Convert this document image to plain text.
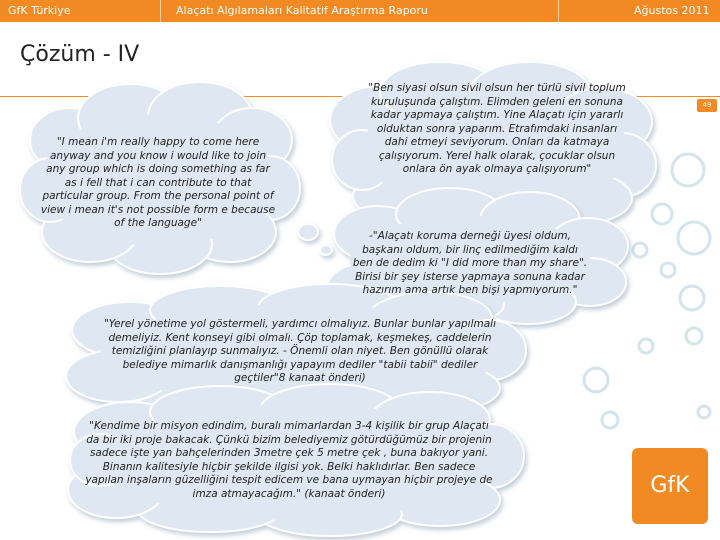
GfK Türkiye	Alaçatı Algılamaları Kalitatif Araştırma Raporu	Ağustos 2011
Çözüm - IV
49
"I mean i'm really happy to come here anyway and you know i would like to join any group which is doing something as far as i fell that i can contribute to that particular group. From the personal point of view i mean it's not possible form e because of the language"
"Ben siyasi olsun sivil olsun her türlü sivil toplum kuruluşunda çalıştım. Elimden geleni en sonuna kadar yapmaya çalıştım. Yine Alaçatı için yararlı olduktan sonra yaparım. Etrafımdaki insanları dahi etmeyi seviyorum. Onları da katmaya çalışıyorum. Yerel halk olarak, çocuklar olsun onlara ön ayak olmaya çalışıyorum"
-"Alaçatı koruma derneği üyesi oldum, başkanı oldum, bir linç edilmediğim kaldı ben de dedim ki "I did more than my share". Birisi bir şey isterse yapmaya sonuna kadar hazırım ama artık ben bişi yapmıyorum."
"Yerel yönetime yol göstermeli, yardımcı olmalıyız. Bunlar bunlar yapılmalı demeliyiz. Kent konseyi gibi olmalı. Çöp toplamak, keşmekeş, caddelerin temizliğini planlayıp sunmalıyız. - Önemli olan niyet. Ben gönüllü olarak belediye mimarlık danışmanlığı yapayım dediler "tabii tabii" dediler geçtiler"8 kanaat önderi)
"Kendime bir misyon edindim, buralı mimarlardan 3-4 kişilik bir grup Alaçatı da bir iki proje bakacak. Çünkü bizim belediyemiz götürdüğümüz bir projenin sadece işte yan bahçelerinden 3metre çek 5 metre çek , buna bakıyor yani. Binanın kalitesiyle hiçbir şekilde ilgisi yok. Belki haklıdırlar. Ben sadece yapılan inşaların güzelliğini tespit edicem ve bana uymayan hiçbir projeye de imza atmayacağım." (kanaat önderi)	GfK
